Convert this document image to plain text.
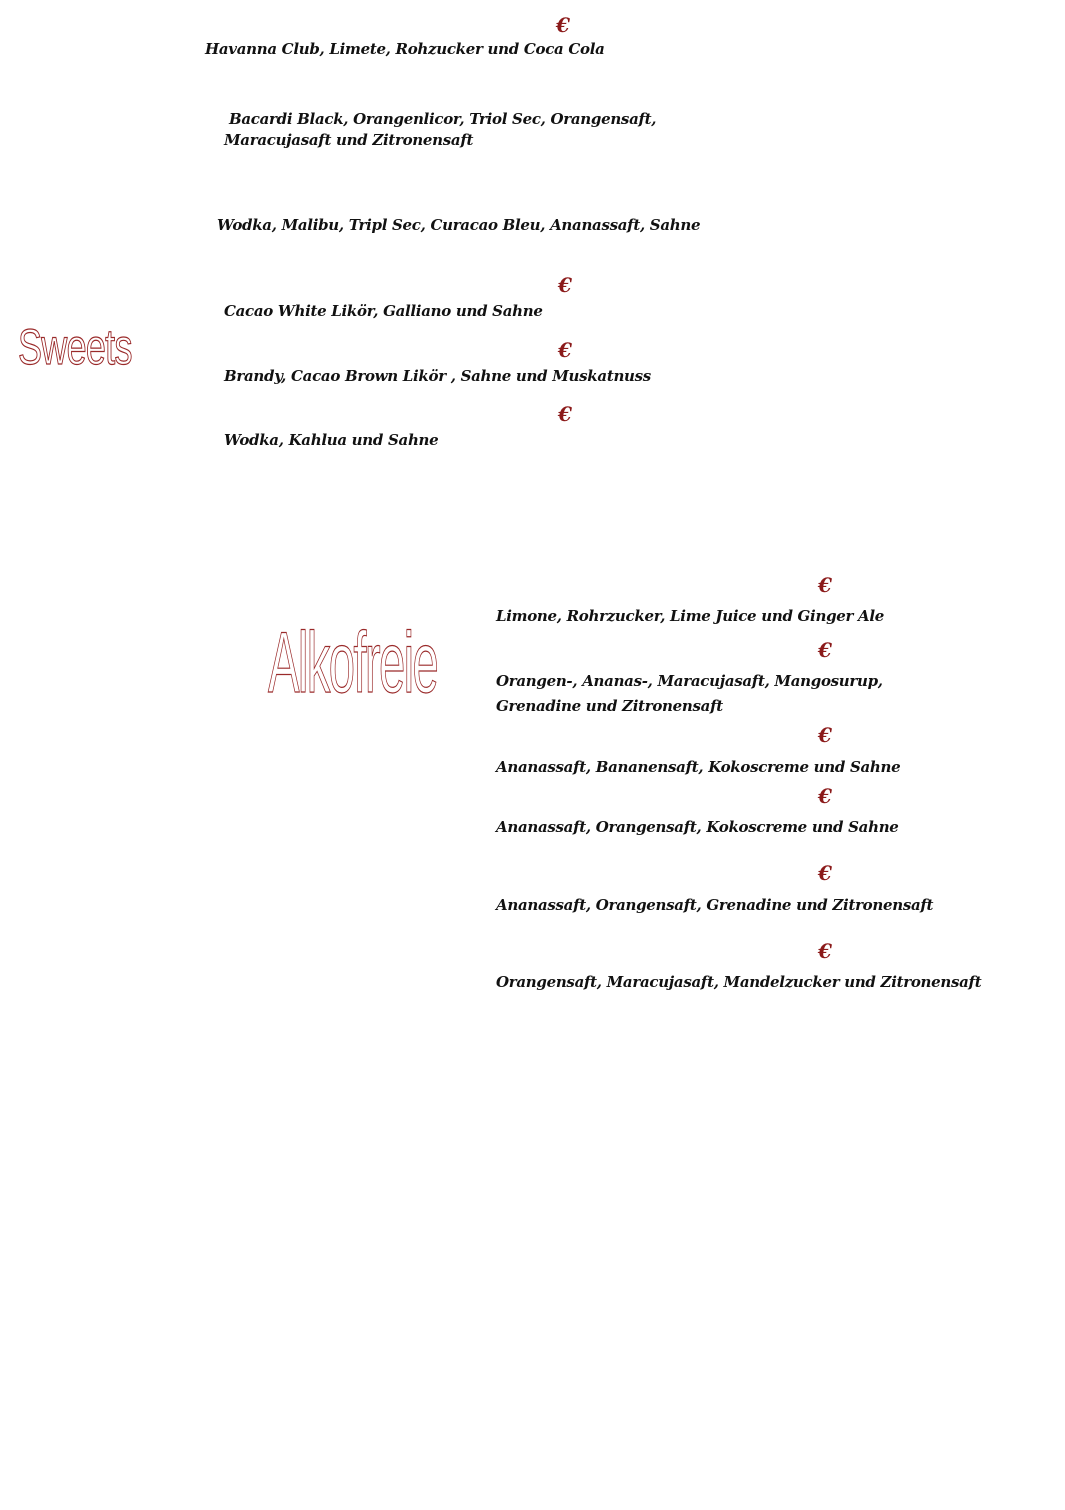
€
Havanna Club, Limete, Rohzucker und Coca Cola
Bacardi Black, Orangenlicor, Triol Sec, Orangensaft,
Maracujasaft und Zitronensaft
Wodka, Malibu, Tripl Sec, Curacao Bleu, Ananassaft, Sahne
Sweets
€
Cacao White Likör, Galliano und Sahne
€
Brandy, Cacao Brown Likör , Sahne und Muskatnuss
€
Wodka, Kahlua und Sahne
Alkofreie
€
Limone, Rohrzucker, Lime Juice und Ginger Ale
€
Orangen-, Ananas-, Maracujasaft, Mangosurup,
Grenadine und Zitronensaft
€
Ananassaft, Bananensaft, Kokoscreme und Sahne
€
Ananassaft, Orangensaft, Kokoscreme und Sahne
€
Ananassaft, Orangensaft, Grenadine und Zitronensaft
€
Orangensaft, Maracujasaft, Mandelzucker und Zitronensaft
